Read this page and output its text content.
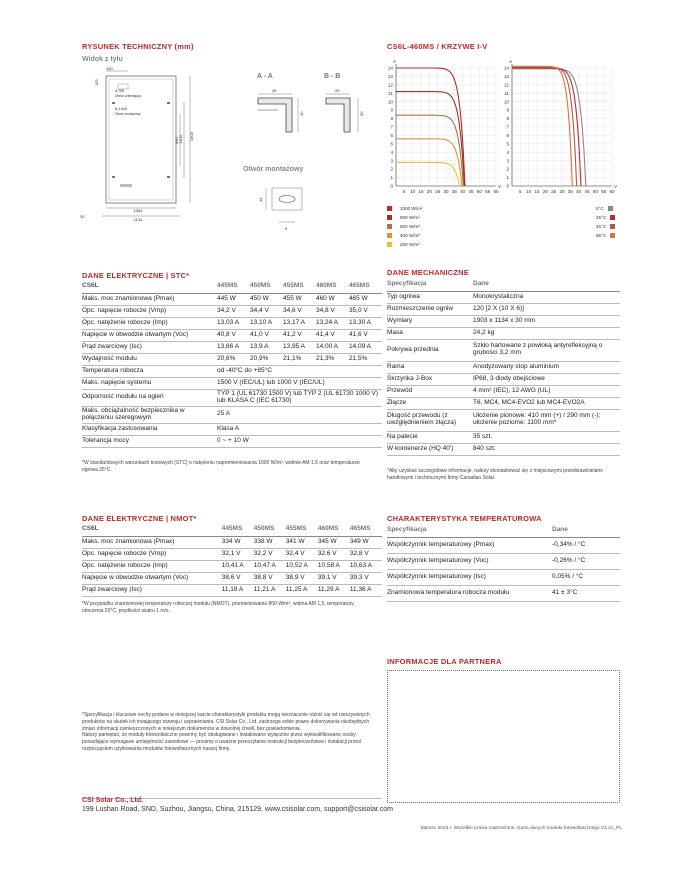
RYSUNEK TECHNICZNY (mm)
Widok z tyłu
1084
1134
1903
1400
990
180
155
30
4-Φ5
Otwór uziemiający
8-14x9
Otwór montażowy
A - A	B - B
35
30
25
30
Otwór montażowy
14
9
CS6L-460MS / KRZYWE I-V
14
13
12
11
10
9
8
7
6
5
4
3
2
1
0
5 10 15 20 25 30 35 40 45 50 55 60
A
V
14
13
12
11
10
9
8
7
6
5
4
3
2
1
0
5 10 15 20 25 30 35 40 45 50 55 60
A
V
1000 W/m²
800 W/m²
600 W/m²
400 W/m²
200 W/m²
5°C
25°C
45°C
65°C
DANE ELEKTRYCZNE | STC*
CS6L	445MS	450MS	455MS	460MS	465MS
Maks. moc znamionowa (Pmax)	445 W	450 W	455 W	460 W	465 W
Opc. napięcie robocze (Vmp)	34,2 V	34,4 V	34,6 V	34,8 V	35,0 V
Opc. natężenie robocze (Imp)	13,03 A	13,10 A	13,17 A	13,24 A	13,30 A
Napięcie w obwodzie otwartym (Voc)	40,8 V	41,0 V	41,2 V	41,4 V	41,6 V
Prąd zwarciowy (Isc)	13,86 A	13,9 A	13,95 A	14,00 A	14,09 A
Wydajność modułu	20,6%	20,9%	21,1%	21,3%	21,5%
Temperatura robocza	od -40°C do +85°C				
Maks. napięcie systemu	1500 V (IEC/UL) lub 1000 V (IEC/UL)				
Odporność modułu na ogień	TYP 1 (UL 61730 1500 V) lub TYP 2 (UL 61730 1000 V) lub KLASA C (IEC 61730)				
Maks. obciążalność bezpiecznika w połączeniu szeregowym	25 A				
Klasyfikacja zastosowania	Klasa A				
Tolerancja mocy	0 ~ + 10 W				
*W standardowych warunkach testowych (STC) o natężeniu napromieniowania 1000 W/m², widmie AM 1,5 oraz temperaturze ogniwa 25°C.
DANE MECHANICZNE
Specyfikacja	Dane
Typ ogniwa	Monokrystaliczna
Rozmieszczenie ogniw	120 [2 X (10 X 6)]
Wymiary	1903 x 1134 x 30 mm
Masa	24,2 kg
Pokrywa przednia	Szkło hartowane z powłoką antyrefleksyjną o grubości 3,2 mm
Rama	Anodyzowany stop aluminium
Skrzynka J-Box	IP68, 3 diody obejściowe
Przewód	4 mm² (IEC), 12 AWG (UL)
Złącze	T6, MC4, MC4-EVO2 lub MC4-EVO2A
Długość przewodu (z uwzględnieniem złącza)	Ułożenie pionowe: 410 mm (+) / 290 mm (-); ułożenie poziome: 1100 mm*
Na palecie	35 szt.
W kontenerze (HQ 40')	840 szt.
*Aby uzyskać szczegółowe informacje, należy skontaktować się z miejscowymi przedstawicielami handlowymi i technicznymi firmy Canadian Solar.
DANE ELEKTRYCZNE | NMOT*
CS6L	445MS	450MS	455MS	460MS	465MS
Maks. moc znamionowa (Pmax)	334 W	338 W	341 W	345 W	349 W
Opc. napięcie robocze (Vmp)	32,1 V	32,2 V	32,4 V	32,6 V	32,8 V
Opc. natężenie robocze (Imp)	10,41 A	10,47 A	10,52 A	10,58 A	10,63 A
Napięcie w obwodzie otwartym (Voc)	38,6 V	38,8 V	38,9 V	39,1 V	39,3 V
Prąd zwarciowy (Isc)	11,18 A	11,21 A	11,25 A	11,29 A	11,36 A
*W przypadku znamionowej temperatury roboczej modułu (NMOT), promieniowania 800 W/m², widma AM 1,5, temperatury otoczenia 20°C, prędkości wiatru 1 m/s.
CHARAKTERYSTYKA TEMPERATUROWA
Specyfikacja	Dane
Współczynnik temperaturowy (Pmax)	-0,34% / °C
Współczynnik temperaturowy (Voc)	-0,26% / °C
Współczynnik temperaturowy (Isc)	0,05% / °C
Znamionowa temperatura robocza modułu	41 ± 3°C
INFORMACJE DLA PARTNERA
*Specyfikacja i kluczowe cechy podane w niniejszej karcie charakterystyki produktu mogą nieznacznie różnić się od rzeczywistych produktów na skutek ich trwającego rozwoju i usprawniania. CSI Solar Co., Ltd. zastrzega sobie prawo dokonywania niezbędnych zmian informacji zamieszczonych w niniejszym dokumencie w dowolnej chwili, bez powiadomienia.
Należy pamiętać, że moduły fotowoltaiczne powinny być obsługiwane i instalowane wyłącznie przez wykwalifikowane osoby posiadające wymagane umiejętności zawodowe — prosimy o uważne przeczytanie instrukcji bezpieczeństwa i instalacji przed rozpoczęciem użytkowania modułów fotowoltaicznych naszej firmy.
CSI Solar Co., Ltd.
199 Lushan Road, SND, Suzhou, Jiangsu, China, 215129, www.csisolar.com, support@csisolar.com
Marzec 2023 r. Wszelkie prawa zastrzeżone, Karta danych modułu fotowoltaicznego V1.21_PL
